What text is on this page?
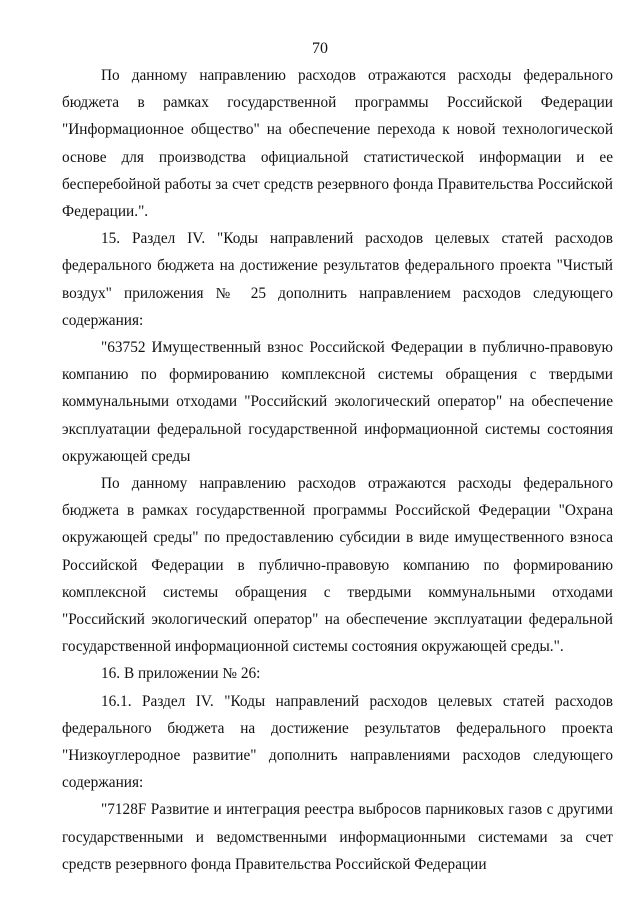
70

По данному направлению расходов отражаются расходы федерального бюджета в рамках государственной программы Российской Федерации "Информационное общество" на обеспечение перехода к новой технологической основе для производства официальной статистической информации и ее бесперебойной работы за счет средств резервного фонда Правительства Российской Федерации.".

15. Раздел IV. "Коды направлений расходов целевых статей расходов федерального бюджета на достижение результатов федерального проекта "Чистый воздух" приложения № 25 дополнить направлением расходов следующего содержания:

"63752 Имущественный взнос Российской Федерации в публично-правовую компанию по формированию комплексной системы обращения с твердыми коммунальными отходами "Российский экологический оператор" на обеспечение эксплуатации федеральной государственной информационной системы состояния окружающей среды

По данному направлению расходов отражаются расходы федерального бюджета в рамках государственной программы Российской Федерации "Охрана окружающей среды" по предоставлению субсидии в виде имущественного взноса Российской Федерации в публично-правовую компанию по формированию комплексной системы обращения с твердыми коммунальными отходами "Российский экологический оператор" на обеспечение эксплуатации федеральной государственной информационной системы состояния окружающей среды.".

16. В приложении № 26:

16.1. Раздел IV. "Коды направлений расходов целевых статей расходов федерального бюджета на достижение результатов федерального проекта "Низкоуглеродное развитие" дополнить направлениями расходов следующего содержания:

"7128F Развитие и интеграция реестра выбросов парниковых газов с другими государственными и ведомственными информационными системами за счет средств резервного фонда Правительства Российской Федерации
